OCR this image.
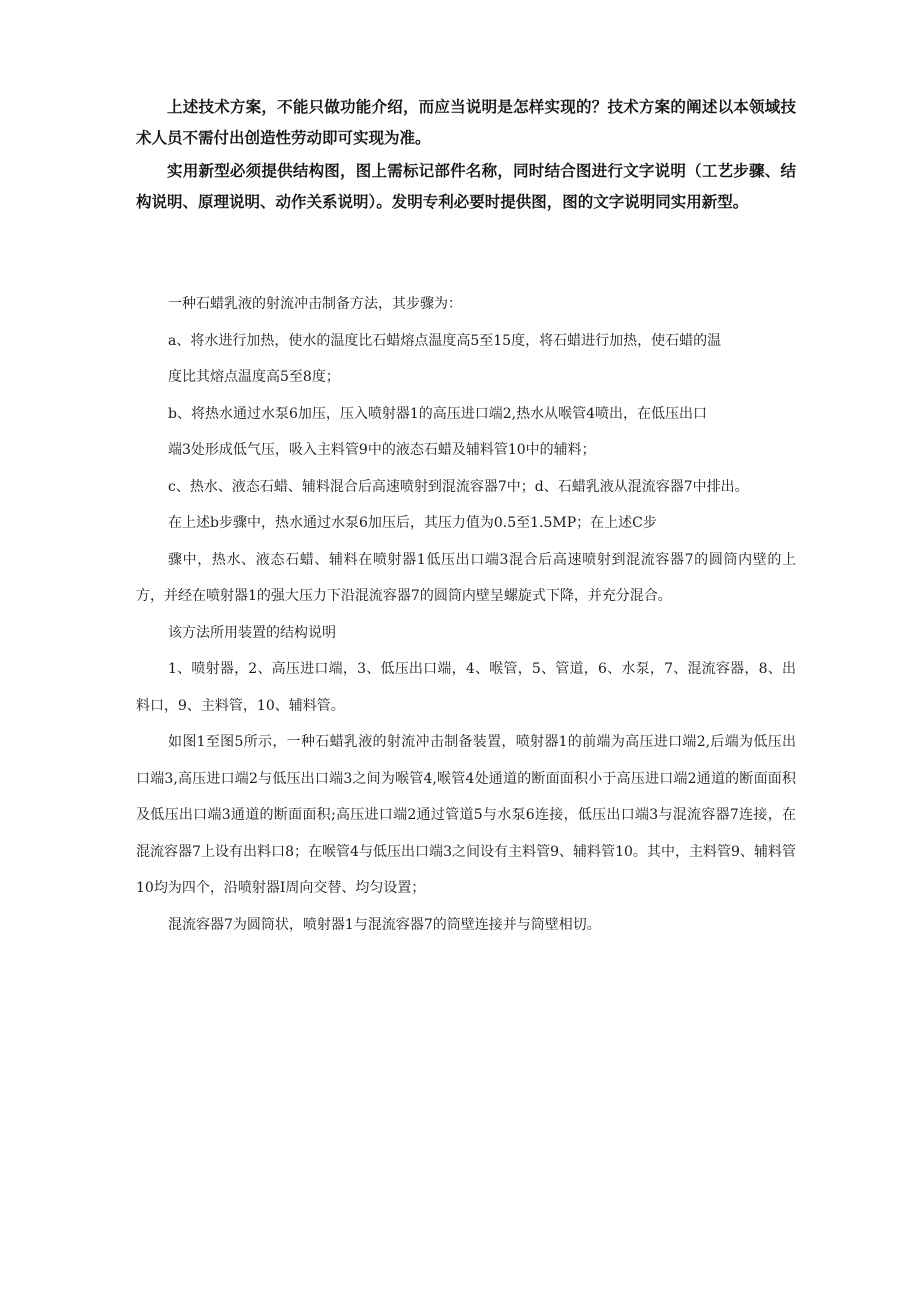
上述技术方案，不能只做功能介绍，而应当说明是怎样实现的？技术方案的阐述以本领域技术人员不需付出创造性劳动即可实现为准。

实用新型必须提供结构图，图上需标记部件名称，同时结合图进行文字说明（工艺步骤、结构说明、原理说明、动作关系说明）。发明专利必要时提供图，图的文字说明同实用新型。

一种石蜡乳液的射流冲击制备方法，其步骤为：

a、将水进行加热，使水的温度比石蜡熔点温度高5至15度，将石蜡进行加热，使石蜡的温

度比其熔点温度高5至8度；

b、将热水通过水泵6加压，压入喷射器1的高压进口端2,热水从喉管4喷出，在低压出口

端3处形成低气压，吸入主料管9中的液态石蜡及辅料管10中的辅料；

c、热水、液态石蜡、辅料混合后高速喷射到混流容器7中；d、石蜡乳液从混流容器7中排出。

在上述b步骤中，热水通过水泵6加压后，其压力值为0.5至1.5MP；在上述C步

骤中，热水、液态石蜡、辅料在喷射器1低压出口端3混合后高速喷射到混流容器7的圆筒内壁的上方，并经在喷射器1的强大压力下沿混流容器7的圆筒内壁呈螺旋式下降，并充分混合。

该方法所用装置的结构说明

1、喷射器，2、高压进口端，3、低压出口端，4、喉管，5、管道，6、水泵，7、混流容器，8、出料口，9、主料管，10、辅料管。

如图1至图5所示，一种石蜡乳液的射流冲击制备装置，喷射器1的前端为高压进口端2,后端为低压出口端3,高压进口端2与低压出口端3之间为喉管4,喉管4处通道的断面面积小于高压进口端2通道的断面面积及低压出口端3通道的断面面积;高压进口端2通过管道5与水泵6连接，低压出口端3与混流容器7连接，在混流容器7上设有出料口8；在喉管4与低压出口端3之间设有主料管9、辅料管10。其中，主料管9、辅料管10均为四个，沿喷射器I周向交替、均匀设置；

混流容器7为圆筒状，喷射器1与混流容器7的筒壁连接并与筒壁相切。
